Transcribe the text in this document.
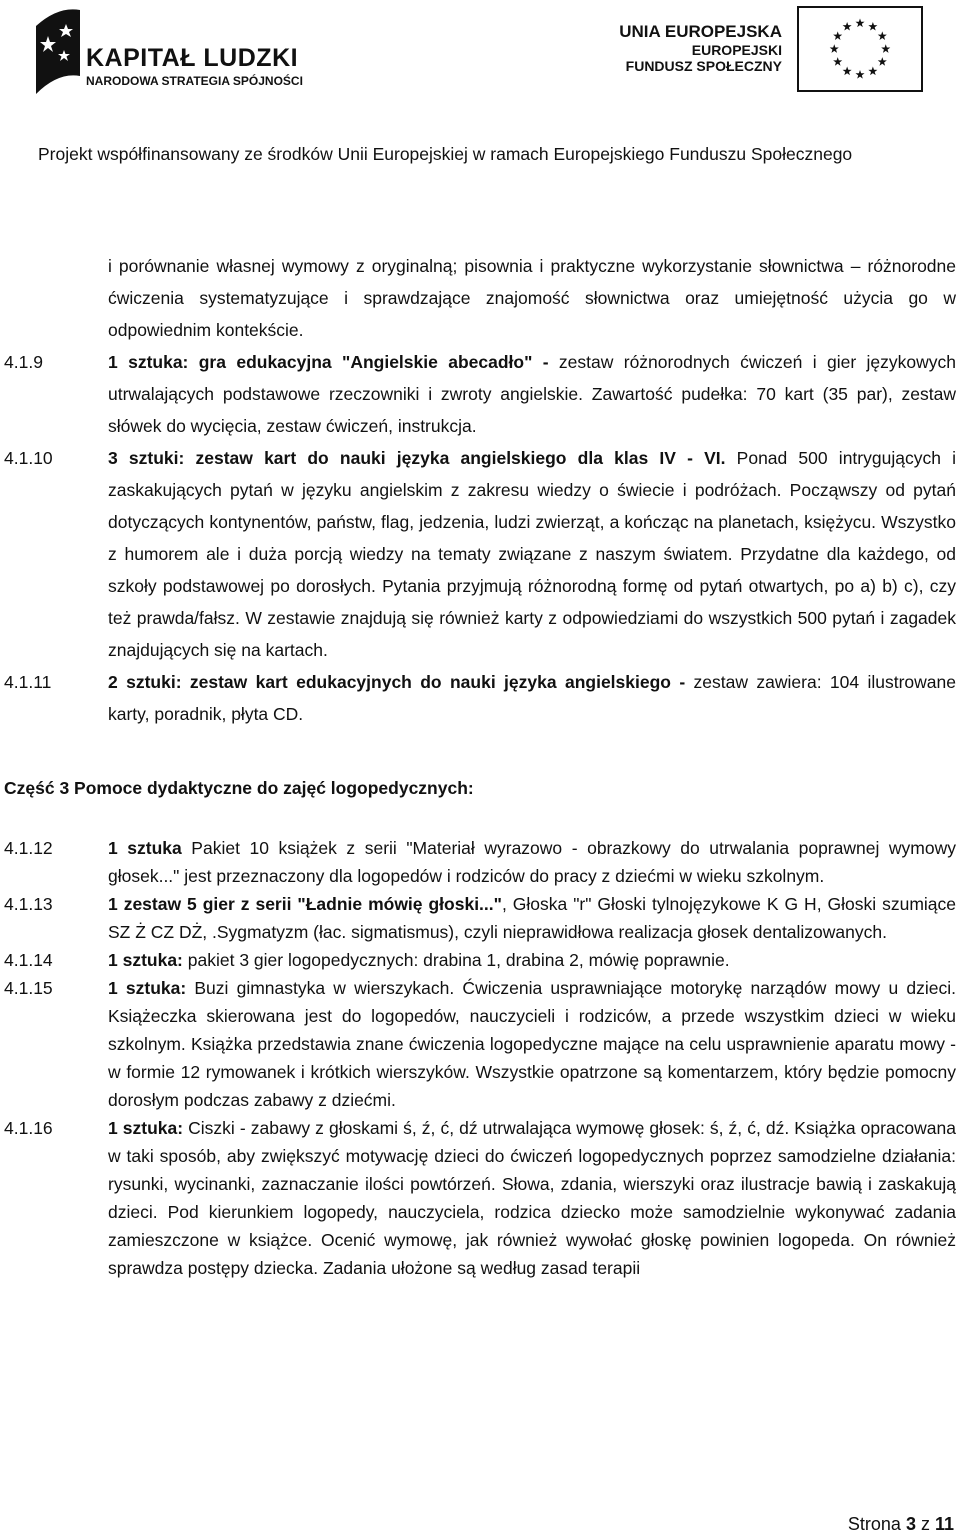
KAPITAŁ LUDZKI
NARODOWA STRATEGIA SPÓJNOŚCI
UNIA EUROPEJSKA
EUROPEJSKI
FUNDUSZ SPOŁECZNY
Projekt współfinansowany ze środków Unii Europejskiej w ramach Europejskiego Funduszu Społecznego
i porównanie własnej wymowy z oryginalną; pisownia i praktyczne wykorzystanie słownictwa – różnorodne ćwiczenia systematyzujące i sprawdzające znajomość słownictwa oraz umiejętność użycia go w odpowiednim kontekście.
4.1.9	1 sztuka: gra edukacyjna "Angielskie abecadło" - zestaw różnorodnych ćwiczeń i gier językowych utrwalających podstawowe rzeczowniki i zwroty angielskie. Zawartość pudełka: 70 kart (35 par), zestaw słówek do wycięcia, zestaw ćwiczeń, instrukcja.
4.1.10	3 sztuki: zestaw kart do nauki języka angielskiego dla klas IV - VI. Ponad 500 intrygujących i zaskakujących pytań w języku angielskim z zakresu wiedzy o świecie i podróżach. Począwszy od pytań dotyczących kontynentów, państw, flag, jedzenia, ludzi zwierząt, a kończąc na planetach, księżycu. Wszystko z humorem ale i duża porcją wiedzy na tematy związane z naszym światem. Przydatne dla każdego, od szkoły podstawowej po dorosłych. Pytania przyjmują różnorodną formę od pytań otwartych, po a) b) c), czy też prawda/fałsz. W zestawie znajdują się również karty z odpowiedziami do wszystkich 500 pytań i zagadek znajdujących się na kartach.
4.1.11	2 sztuki: zestaw kart edukacyjnych do nauki języka angielskiego - zestaw zawiera: 104 ilustrowane karty, poradnik, płyta CD.
Część 3 Pomoce dydaktyczne do zajęć logopedycznych:
4.1.12	1 sztuka Pakiet 10 książek z serii "Materiał wyrazowo - obrazkowy do utrwalania poprawnej wymowy głosek..." jest przeznaczony dla logopedów i rodziców do pracy z dziećmi w wieku szkolnym.
4.1.13	1 zestaw 5 gier z serii "Ładnie mówię głoski...", Głoska "r" Głoski tylnojęzykowe K G H, Głoski szumiące SZ Ż CZ DŻ, .Sygmatyzm (łac. sigmatismus), czyli nieprawidłowa realizacja głosek dentalizowanych.
4.1.14	1 sztuka: pakiet 3 gier logopedycznych: drabina 1, drabina 2, mówię poprawnie.
4.1.15	1 sztuka: Buzi gimnastyka w wierszykach. Ćwiczenia usprawniające motorykę narządów mowy u dzieci. Książeczka skierowana jest do logopedów, nauczycieli i rodziców, a przede wszystkim dzieci w wieku szkolnym. Książka przedstawia znane ćwiczenia logopedyczne mające na celu usprawnienie aparatu mowy - w formie 12 rymowanek i krótkich wierszyków. Wszystkie opatrzone są komentarzem, który będzie pomocny dorosłym podczas zabawy z dziećmi.
4.1.16	1 sztuka: Ciszki - zabawy z głoskami ś, ź, ć, dź utrwalająca wymowę głosek: ś, ź, ć, dź. Książka opracowana w taki sposób, aby zwiększyć motywację dzieci do ćwiczeń logopedycznych poprzez samodzielne działania: rysunki, wycinanki, zaznaczanie ilości powtórzeń. Słowa, zdania, wierszyki oraz ilustracje bawią i zaskakują dzieci. Pod kierunkiem logopedy, nauczyciela, rodzica dziecko może samodzielnie wykonywać zadania zamieszczone w książce. Ocenić wymowę, jak również wywołać głoskę powinien logopeda. On również sprawdza postępy dziecka. Zadania ułożone są według zasad terapii
Strona 3 z 11
